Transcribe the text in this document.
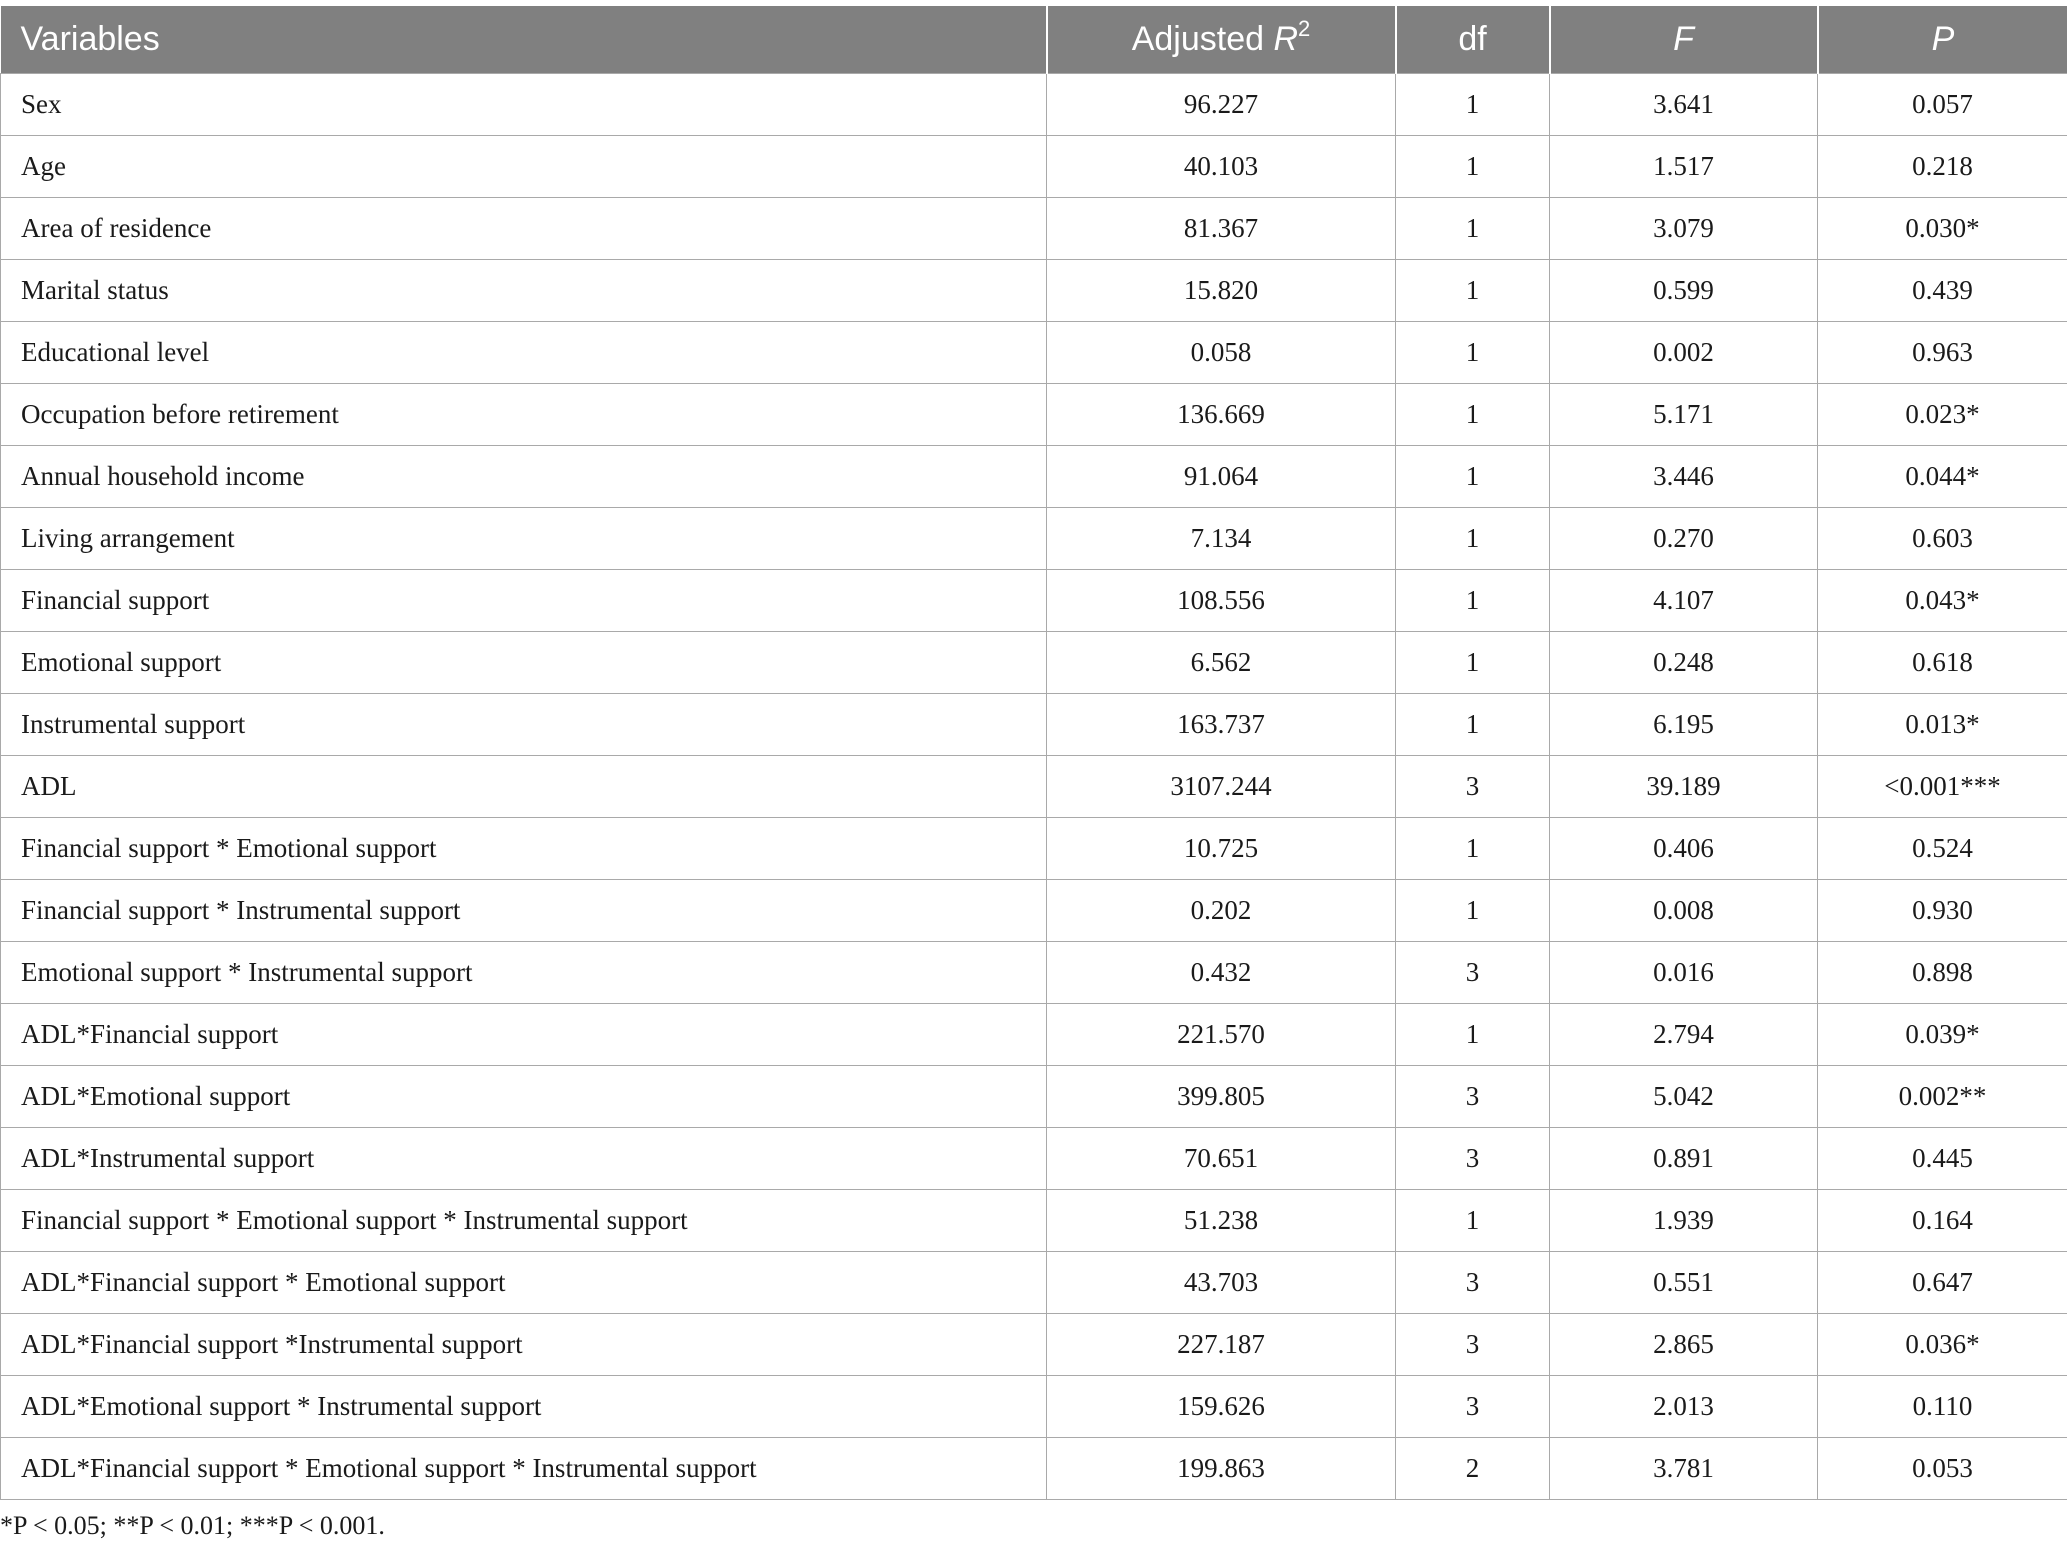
Variables	Adjusted $R^2$	df	F	P
Sex	96.227	1	3.641	0.057
Age	40.103	1	1.517	0.218
Area of residence	81.367	1	3.079	0.030*
Marital status	15.820	1	0.599	0.439
Educational level	0.058	1	0.002	0.963
Occupation before retirement	136.669	1	5.171	0.023*
Annual household income	91.064	1	3.446	0.044*
Living arrangement	7.134	1	0.270	0.603
Financial support	108.556	1	4.107	0.043*
Emotional support	6.562	1	0.248	0.618
Instrumental support	163.737	1	6.195	0.013*
ADL	3107.244	3	39.189	<0.001***
Financial support * Emotional support	10.725	1	0.406	0.524
Financial support * Instrumental support	0.202	1	0.008	0.930
Emotional support * Instrumental support	0.432	3	0.016	0.898
ADL*Financial support	221.570	1	2.794	0.039*
ADL*Emotional support	399.805	3	5.042	0.002**
ADL*Instrumental support	70.651	3	0.891	0.445
Financial support * Emotional support * Instrumental support	51.238	1	1.939	0.164
ADL*Financial support * Emotional support	43.703	3	0.551	0.647
ADL*Financial support *Instrumental support	227.187	3	2.865	0.036*
ADL*Emotional support * Instrumental support	159.626	3	2.013	0.110
ADL*Financial support * Emotional support * Instrumental support	199.863	2	3.781	0.053
*P < 0.05; **P < 0.01; ***P < 0.001.
